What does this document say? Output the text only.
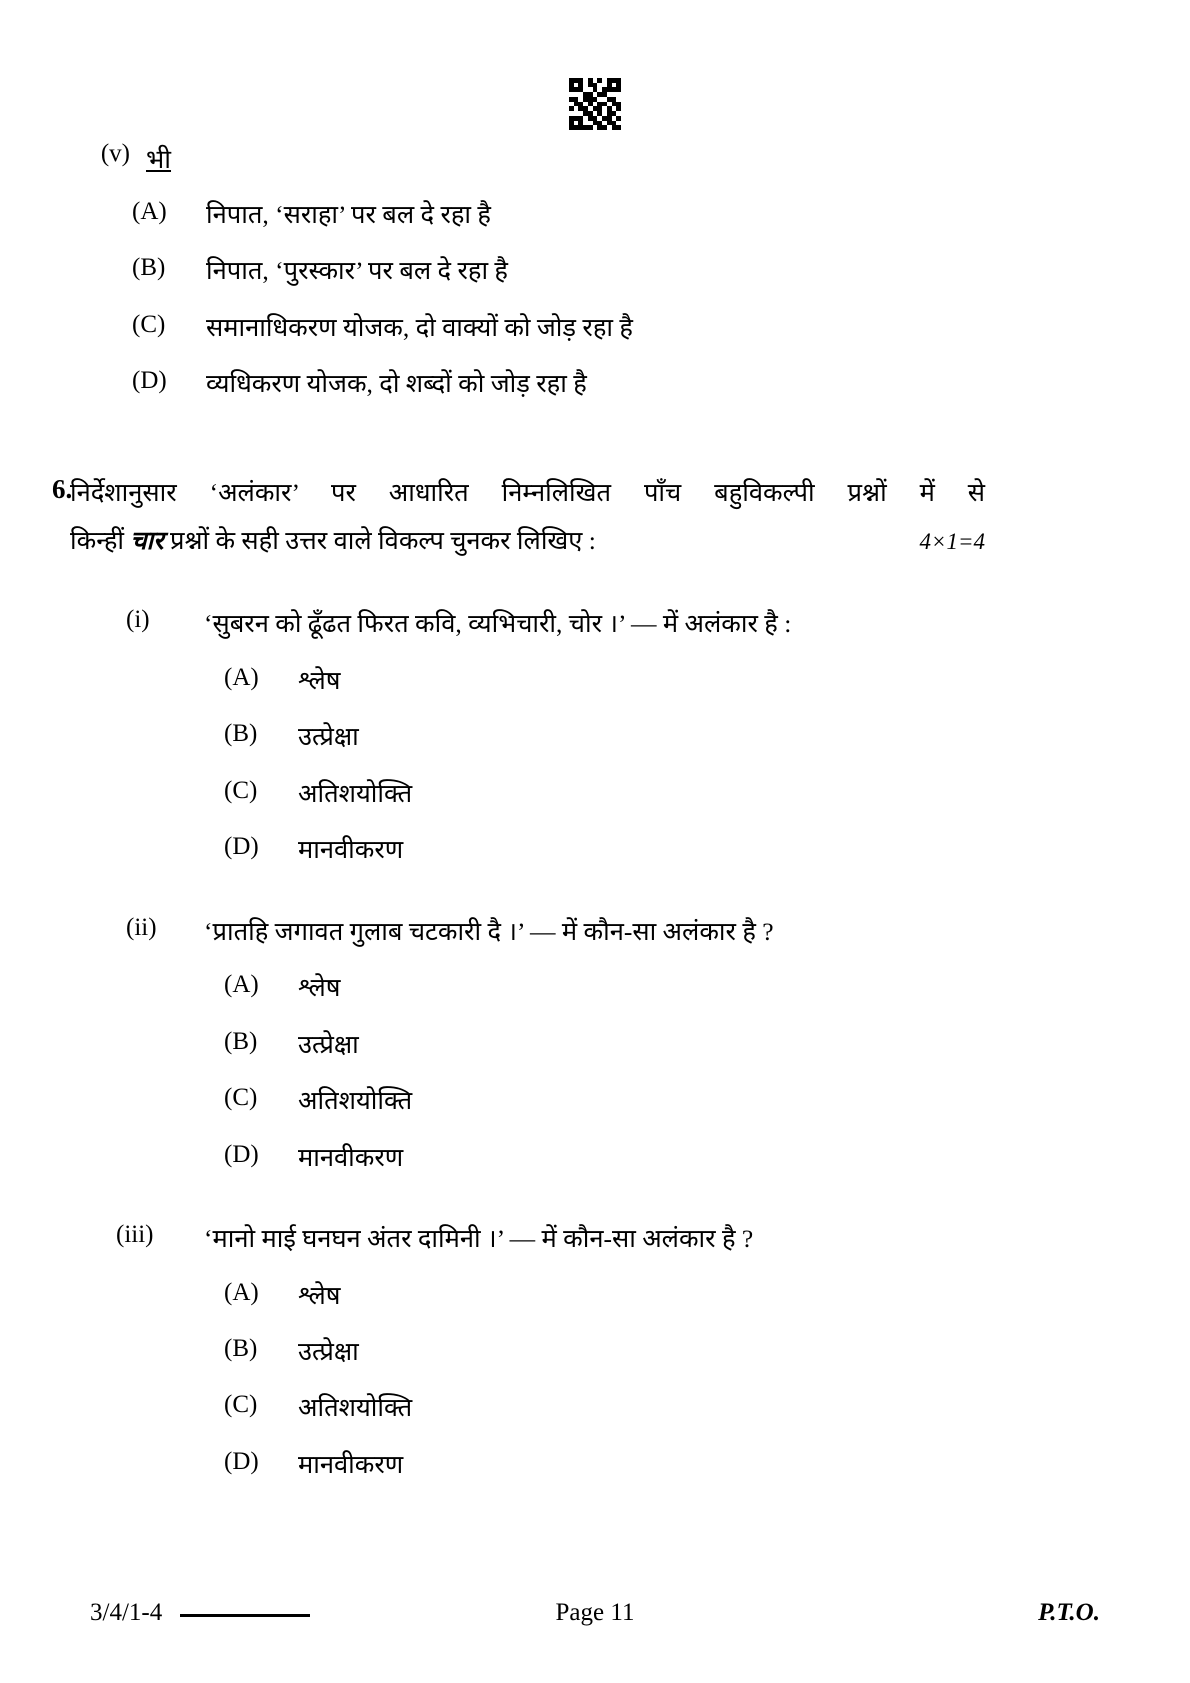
(v) भी
(A)	निपात, ‘सराहा’ पर बल दे रहा है
(B)	निपात, ‘पुरस्कार’ पर बल दे रहा है
(C)	समानाधिकरण योजक, दो वाक्यों को जोड़ रहा है
(D)	व्यधिकरण योजक, दो शब्दों को जोड़ रहा है
6.
निर्देशानुसार ‘अलंकार’ पर आधारित निम्नलिखित पाँच बहुविकल्पी प्रश्नों में से
किन्हीं चार प्रश्नों के सही उत्तर वाले विकल्प चुनकर लिखिए :	4×1=4
(i)	‘सुबरन को ढूँढत फिरत कवि, व्यभिचारी, चोर ।’ — में अलंकार है :
(A)	श्लेष
(B)	उत्प्रेक्षा
(C)	अतिशयोक्ति
(D)	मानवीकरण
(ii)	‘प्रातहि जगावत गुलाब चटकारी दै ।’ — में कौन-सा अलंकार है ?
(A)	श्लेष
(B)	उत्प्रेक्षा
(C)	अतिशयोक्ति
(D)	मानवीकरण
(iii)	‘मानो माई घनघन अंतर दामिनी ।’ — में कौन-सा अलंकार है ?
(A)	श्लेष
(B)	उत्प्रेक्षा
(C)	अतिशयोक्ति
(D)	मानवीकरण
3/4/1-4	Page 11	P.T.O.
